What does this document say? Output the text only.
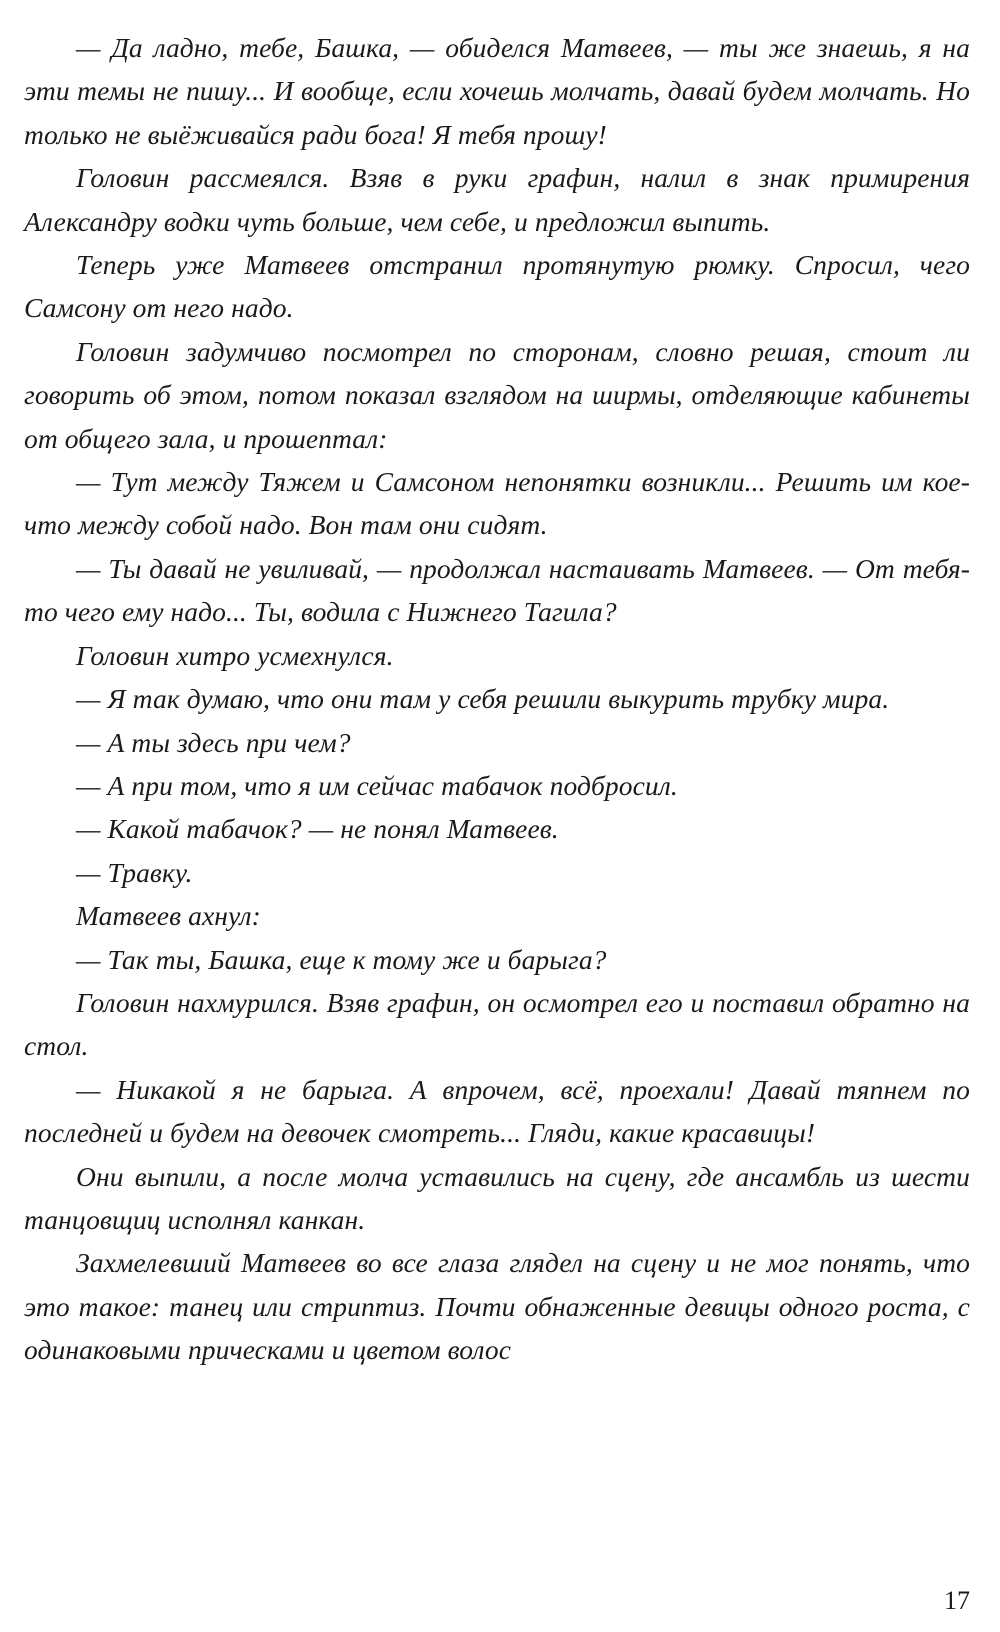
— Да ладно, тебе, Башка, — обиделся Матвеев, — ты же знаешь, я на эти темы не пишу... И вообще, если хочешь молчать, давай будем молчать. Но только не выёживайся ради бога! Я тебя прошу!

Головин рассмеялся. Взяв в руки графин, налил в знак примирения Александру водки чуть больше, чем себе, и предложил выпить.

Теперь уже Матвеев отстранил протянутую рюмку. Спросил, чего Самсону от него надо.

Головин задумчиво посмотрел по сторонам, словно решая, стоит ли говорить об этом, потом показал взглядом на ширмы, отделяющие кабинеты от общего зала, и прошептал:

— Тут между Тяжем и Самсоном непонятки возникли... Решить им кое-что между собой надо. Вон там они сидят.

— Ты давай не увиливай, — продолжал настаивать Матвеев. — От тебя-то чего ему надо... Ты, водила с Нижнего Тагила?

Головин хитро усмехнулся.

— Я так думаю, что они там у себя решили выкурить трубку мира.

— А ты здесь при чем?

— А при том, что я им сейчас табачок подбросил.

— Какой табачок? — не понял Матвеев.

— Травку.

Матвеев ахнул:

— Так ты, Башка, еще к тому же и барыга?

Головин нахмурился. Взяв графин, он осмотрел его и поставил обратно на стол.

— Никакой я не барыга. А впрочем, всё, проехали! Давай тяпнем по последней и будем на девочек смотреть... Гляди, какие красавицы!

Они выпили, а после молча уставились на сцену, где ансамбль из шести танцовщиц исполнял канкан.

Захмелевший Матвеев во все глаза глядел на сцену и не мог понять, что это такое: танец или стриптиз. Почти обнаженные девицы одного роста, с одинаковыми прическами и цветом волос

17
